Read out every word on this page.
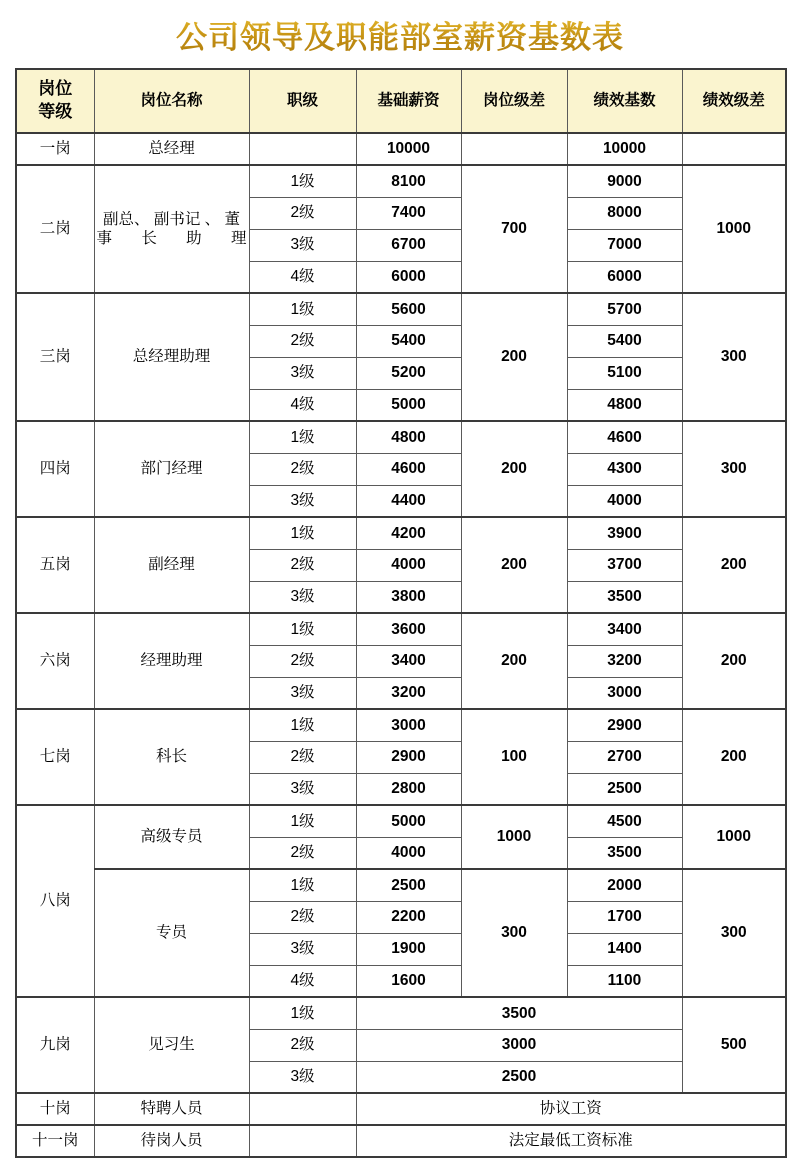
公司领导及职能部室薪资基数表
岗位
等级	岗位名称	职级	基础薪资	岗位级差	绩效基数	绩效级差
一岗	总经理		10000		10000	
二岗	副总、 副书记 、 董事长助理	1级	8100	700	9000	1000
		2级	7400		8000	
		3级	6700		7000	
		4级	6000		6000	
三岗	总经理助理	1级	5600	200	5700	300
		2级	5400		5400	
		3级	5200		5100	
		4级	5000		4800	
四岗	部门经理	1级	4800	200	4600	300
		2级	4600		4300	
		3级	4400		4000	
五岗	副经理	1级	4200	200	3900	200
		2级	4000		3700	
		3级	3800		3500	
六岗	经理助理	1级	3600	200	3400	200
		2级	3400		3200	
		3级	3200		3000	
七岗	科长	1级	3000	100	2900	200
		2级	2900		2700	
		3级	2800		2500	
八岗	高级专员	1级	5000	1000	4500	1000
		2级	4000		3500	
	专员	1级	2500	300	2000	300
		2级	2200		1700	
		3级	1900		1400	
		4级	1600		1100	
九岗	见习生	1级	3500			500
		2级	3000			
		3级	2500			
十岗	特聘人员		协议工资			
十一岗	待岗人员		法定最低工资标准			
